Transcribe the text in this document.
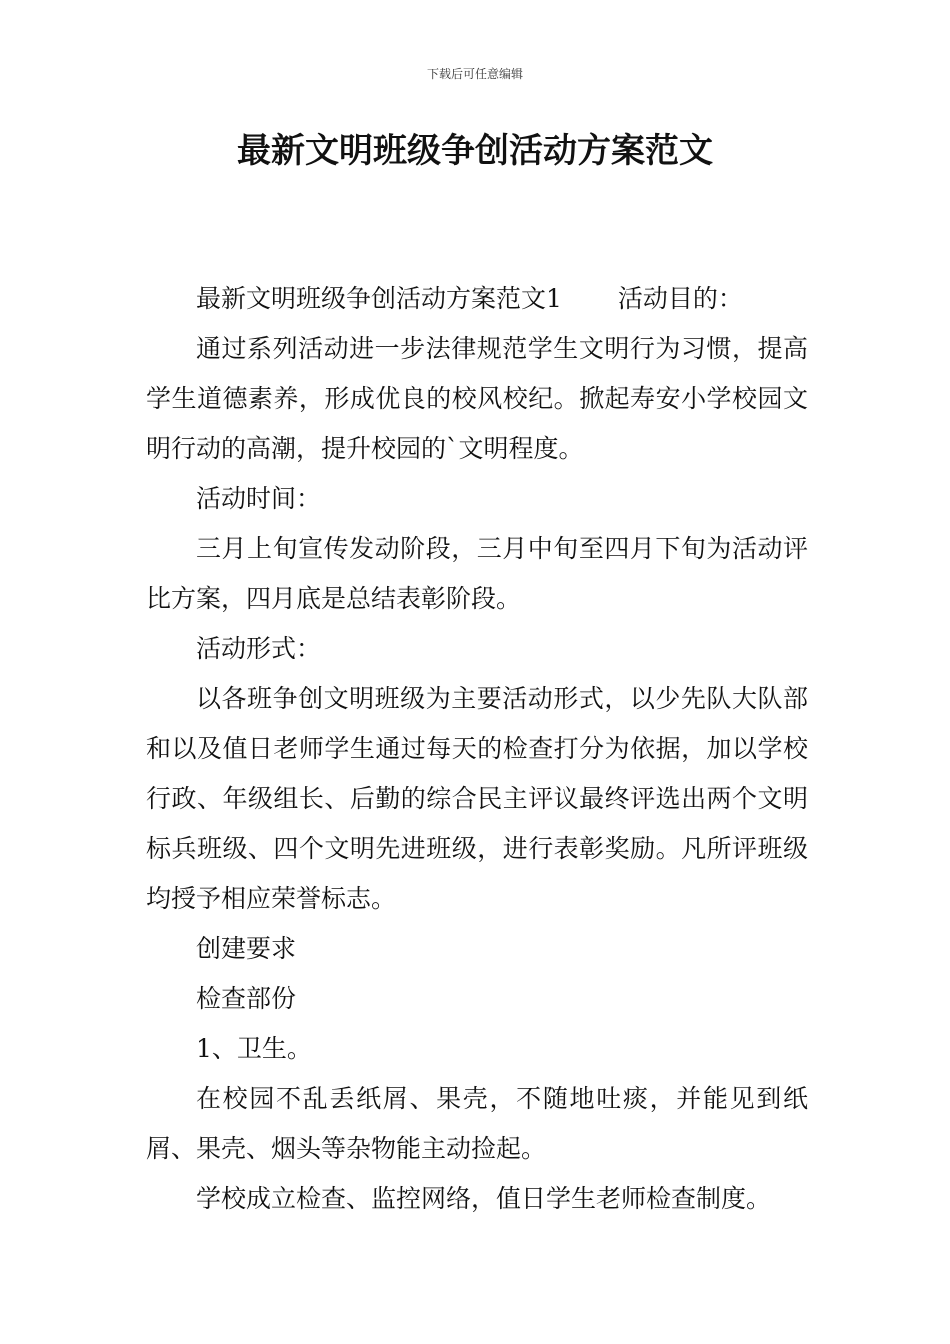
下载后可任意编辑
最新文明班级争创活动方案范文

最新文明班级争创活动方案范文1 活动目的：

通过系列活动进一步法律规范学生文明行为习惯，提高学生道德素养，形成优良的校风校纪。掀起寿安小学校园文明行动的高潮，提升校园的`文明程度。

活动时间：

三月上旬宣传发动阶段，三月中旬至四月下旬为活动评比方案，四月底是总结表彰阶段。

活动形式：

以各班争创文明班级为主要活动形式，以少先队大队部和以及值日老师学生通过每天的检查打分为依据，加以学校行政、年级组长、后勤的综合民主评议最终评选出两个文明标兵班级、四个文明先进班级，进行表彰奖励。凡所评班级均授予相应荣誉标志。

创建要求

检查部份

1、卫生。

在校园不乱丢纸屑、果壳，不随地吐痰，并能见到纸屑、果壳、烟头等杂物能主动捡起。

学校成立检查、监控网络，值日学生老师检查制度。
